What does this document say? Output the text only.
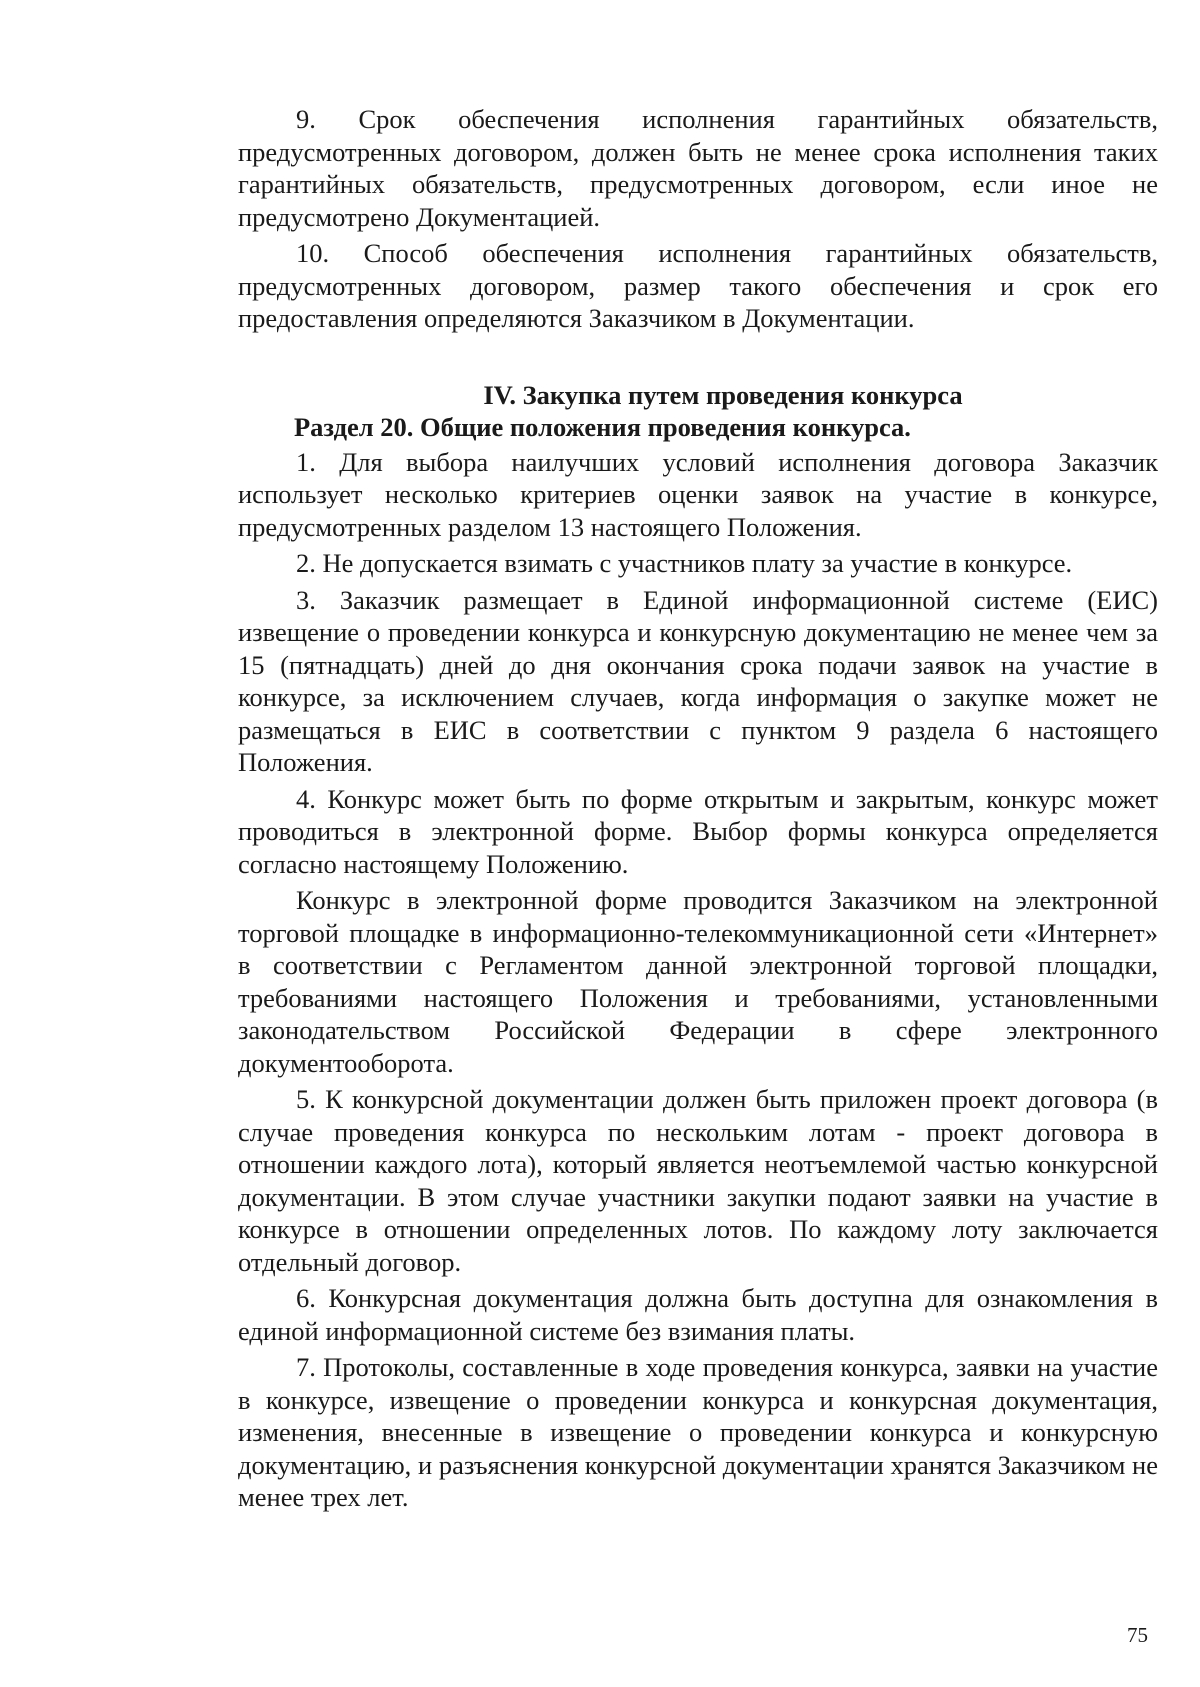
9. Срок обеспечения исполнения гарантийных обязательств, предусмотренных договором, должен быть не менее срока исполнения таких гарантийных обязательств, предусмотренных договором, если иное не предусмотрено Документацией.

10. Способ обеспечения исполнения гарантийных обязательств, предусмотренных договором, размер такого обеспечения и срок его предоставления определяются Заказчиком в Документации.

IV. Закупка путем проведения конкурса

Раздел 20. Общие положения проведения конкурса.

1. Для выбора наилучших условий исполнения договора Заказчик использует несколько критериев оценки заявок на участие в конкурсе, предусмотренных разделом 13 настоящего Положения.

2. Не допускается взимать с участников плату за участие в конкурсе.

3. Заказчик размещает в Единой информационной системе (ЕИС) извещение о проведении конкурса и конкурсную документацию не менее чем за 15 (пятнадцать) дней до дня окончания срока подачи заявок на участие в конкурсе, за исключением случаев, когда информация о закупке может не размещаться в ЕИС в соответствии с пунктом 9 раздела 6 настоящего Положения.

4. Конкурс может быть по форме открытым и закрытым, конкурс может проводиться в электронной форме. Выбор формы конкурса определяется согласно настоящему Положению.

Конкурс в электронной форме проводится Заказчиком на электронной торговой площадке в информационно-телекоммуникационной сети «Интернет» в соответствии с Регламентом данной электронной торговой площадки, требованиями настоящего Положения и требованиями, установленными законодательством Российской Федерации в сфере электронного документооборота.

5. К конкурсной документации должен быть приложен проект договора (в случае проведения конкурса по нескольким лотам - проект договора в отношении каждого лота), который является неотъемлемой частью конкурсной документации. В этом случае участники закупки подают заявки на участие в конкурсе в отношении определенных лотов. По каждому лоту заключается отдельный договор.

6. Конкурсная документация должна быть доступна для ознакомления в единой информационной системе без взимания платы.

7. Протоколы, составленные в ходе проведения конкурса, заявки на участие в конкурсе, извещение о проведении конкурса и конкурсная документация, изменения, внесенные в извещение о проведении конкурса и конкурсную документацию, и разъяснения конкурсной документации хранятся Заказчиком не менее трех лет.

75
